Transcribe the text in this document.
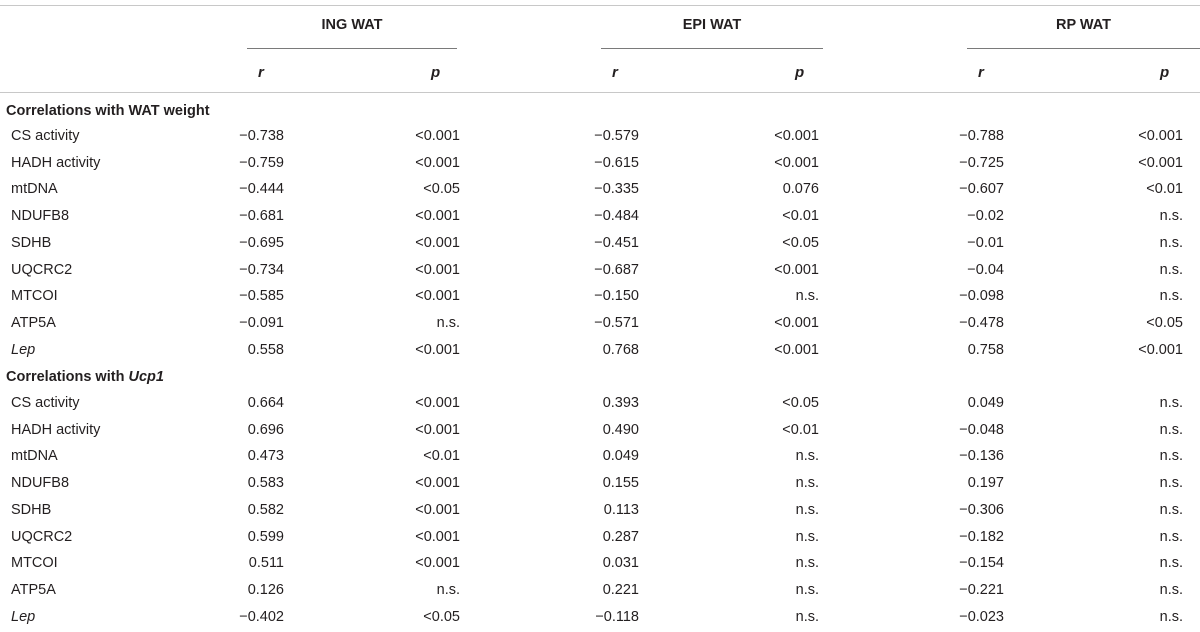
ING WAT	EPI WAT	RP WAT
r	p	r	p	r	p
Correlations with WAT weight
CS activity	−0.738	<0.001	−0.579	<0.001	−0.788	<0.001
HADH activity	−0.759	<0.001	−0.615	<0.001	−0.725	<0.001
mtDNA	−0.444	<0.05	−0.335	0.076	−0.607	<0.01
NDUFB8	−0.681	<0.001	−0.484	<0.01	−0.02	n.s.
SDHB	−0.695	<0.001	−0.451	<0.05	−0.01	n.s.
UQCRC2	−0.734	<0.001	−0.687	<0.001	−0.04	n.s.
MTCOI	−0.585	<0.001	−0.150	n.s.	−0.098	n.s.
ATP5A	−0.091	n.s.	−0.571	<0.001	−0.478	<0.05
Lep	0.558	<0.001	0.768	<0.001	0.758	<0.001
Correlations with Ucp1
CS activity	0.664	<0.001	0.393	<0.05	0.049	n.s.
HADH activity	0.696	<0.001	0.490	<0.01	−0.048	n.s.
mtDNA	0.473	<0.01	0.049	n.s.	−0.136	n.s.
NDUFB8	0.583	<0.001	0.155	n.s.	0.197	n.s.
SDHB	0.582	<0.001	0.113	n.s.	−0.306	n.s.
UQCRC2	0.599	<0.001	0.287	n.s.	−0.182	n.s.
MTCOI	0.511	<0.001	0.031	n.s.	−0.154	n.s.
ATP5A	0.126	n.s.	0.221	n.s.	−0.221	n.s.
Lep	−0.402	<0.05	−0.118	n.s.	−0.023	n.s.
